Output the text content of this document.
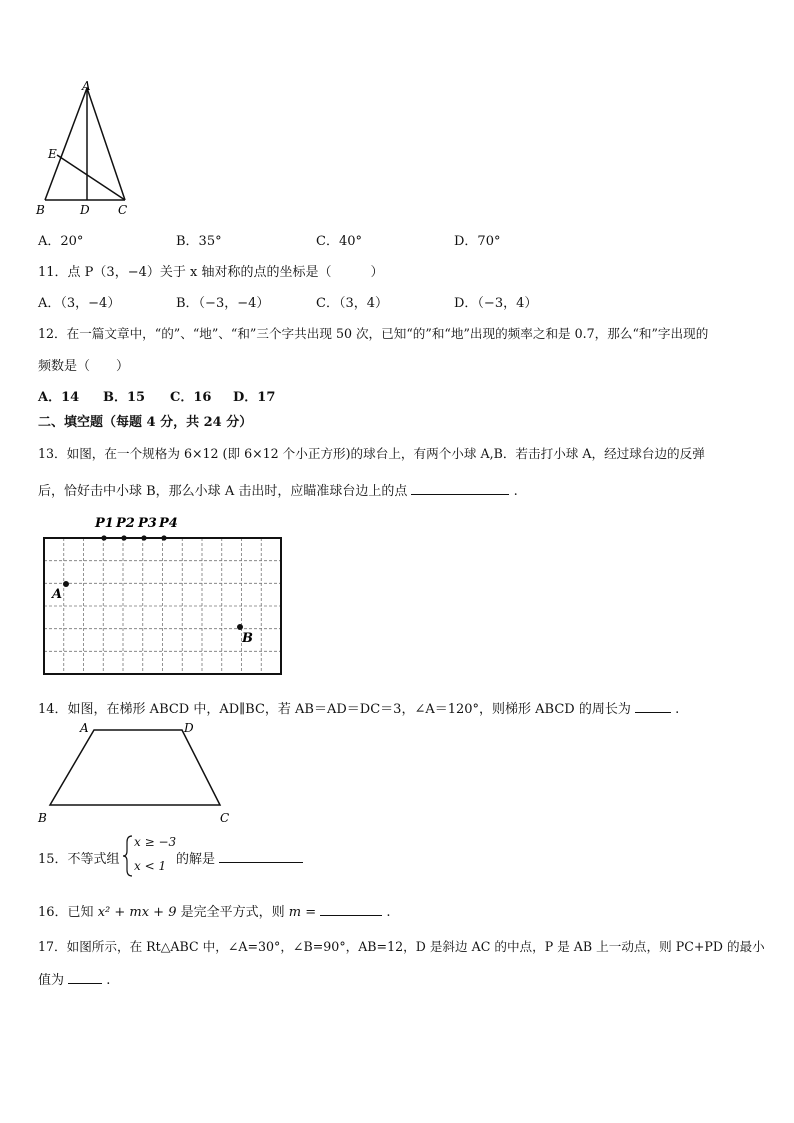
A
E
B	D C
A．20°	B．35°	C．40°	D．70°
11．点 P（3，−4）关于 x 轴对称的点的坐标是（　　　）
A．（3，−4）	B．（−3，−4）	C．（3，4）	D．（−3，4）
12．在一篇文章中，“的”、“地”、“和”三个字共出现 50 次，已知“的”和“地”出现的频率之和是 0.7，那么“和”字出现的
频数是（　　）
A．14 B．15 C．16 D．17
二、填空题（每题 4 分，共 24 分）
13．如图，在一个规格为 6×12 (即 6×12 个小正方形)的球台上，有两个小球 A,B．若击打小球 A，经过球台边的反弹
后，恰好击中小球 B，那么小球 A 击出时，应瞄准球台边上的点	.
P1 P2 P3 P4
A
B
14．如图，在梯形 ABCD 中，AD∥BC，若 AB＝AD＝DC＝3，∠A＝120°，则梯形 ABCD 的周长为	.
A	D
B	C
15．不等式组
x ≥ −3
x < 1 的解是
16．已知 x² + mx + 9 是完全平方式，则 m =	.
17．如图所示，在 Rt△ABC 中，∠A=30°，∠B=90°，AB=12，D 是斜边 AC 的中点，P 是 AB 上一动点，则 PC+PD 的最小
值为	.
